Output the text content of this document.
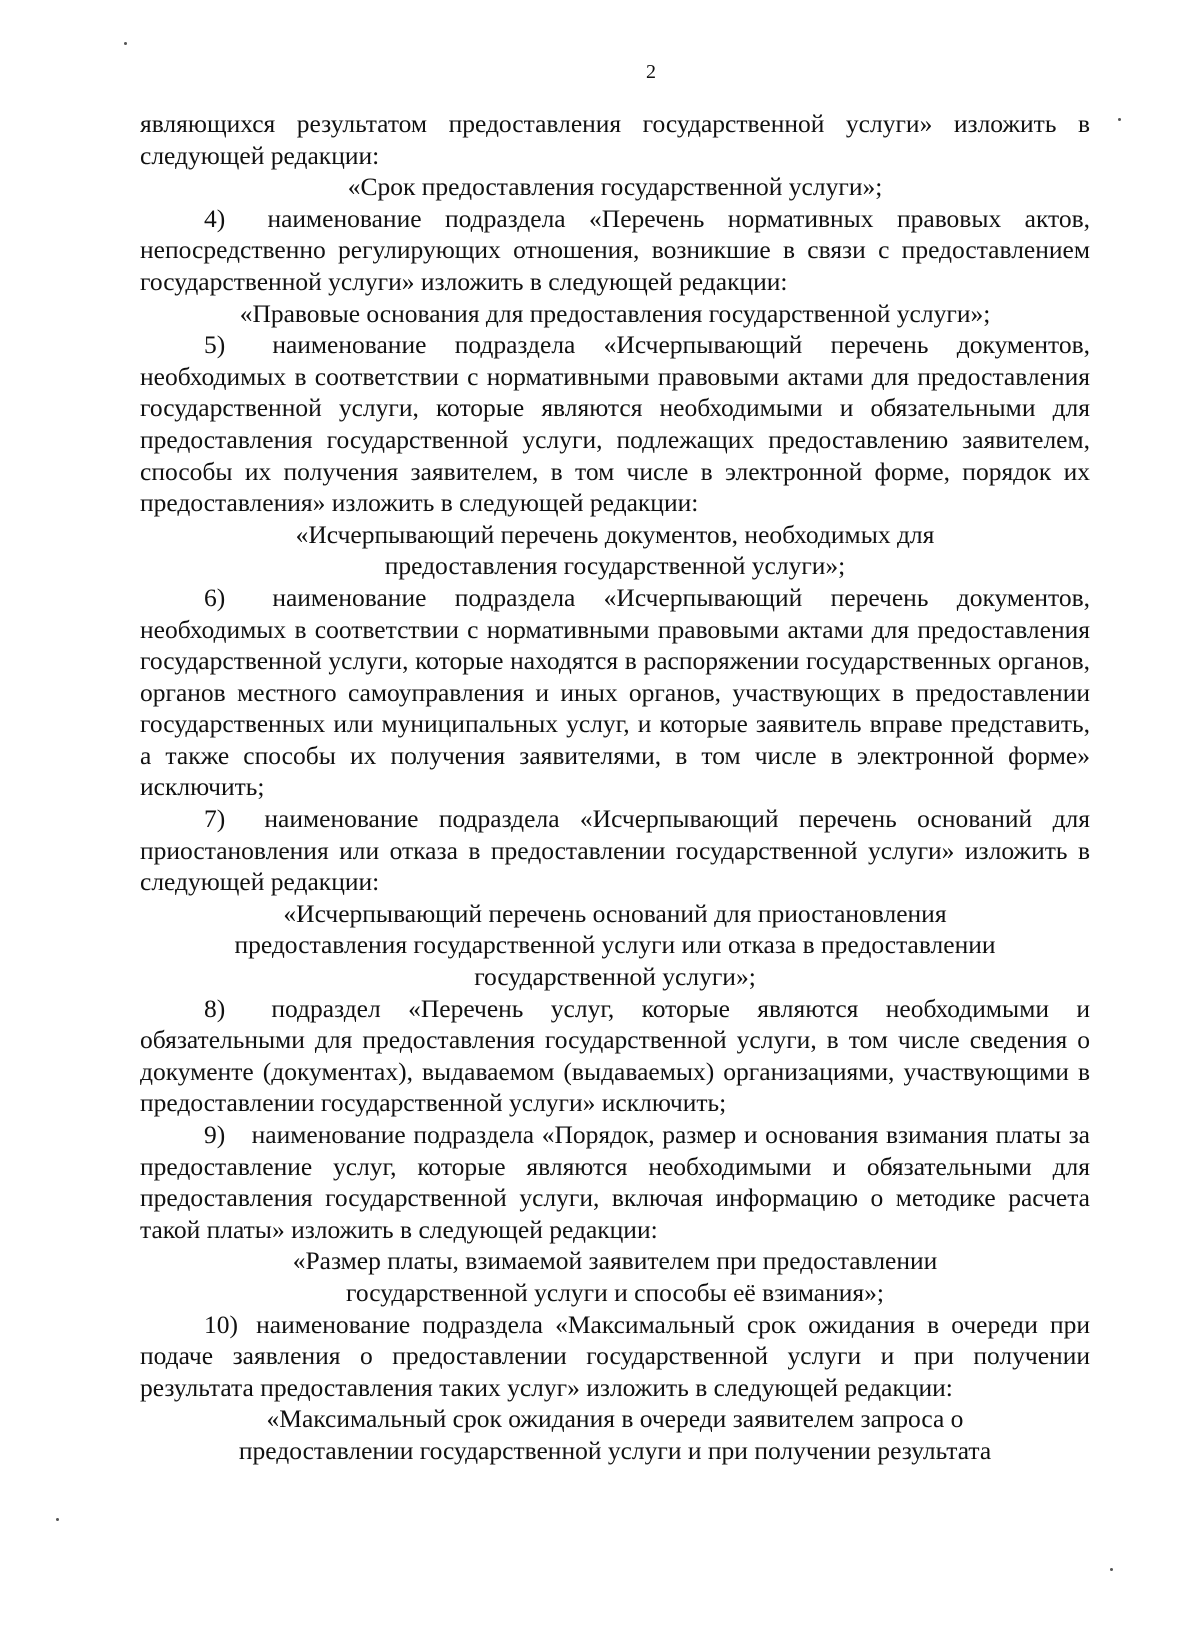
2

являющихся результатом предоставления государственной услуги» изложить в следующей редакции:

«Срок предоставления государственной услуги»;

4) наименование подраздела «Перечень нормативных правовых актов, непосредственно регулирующих отношения, возникшие в связи с предоставлением государственной услуги» изложить в следующей редакции:

«Правовые основания для предоставления государственной услуги»;

5) наименование подраздела «Исчерпывающий перечень документов, необходимых в соответствии с нормативными правовыми актами для предоставления государственной услуги, которые являются необходимыми и обязательными для предоставления государственной услуги, подлежащих предоставлению заявителем, способы их получения заявителем, в том числе в электронной форме, порядок их предоставления» изложить в следующей редакции:

«Исчерпывающий перечень документов, необходимых для
предоставления государственной услуги»;

6) наименование подраздела «Исчерпывающий перечень документов, необходимых в соответствии с нормативными правовыми актами для предоставления государственной услуги, которые находятся в распоряжении государственных органов, органов местного самоуправления и иных органов, участвующих в предоставлении государственных или муниципальных услуг, и которые заявитель вправе представить, а также способы их получения заявителями, в том числе в электронной форме» исключить;

7) наименование подраздела «Исчерпывающий перечень оснований для приостановления или отказа в предоставлении государственной услуги» изложить в следующей редакции:

«Исчерпывающий перечень оснований для приостановления
предоставления государственной услуги или отказа в предоставлении
государственной услуги»;

8) подраздел «Перечень услуг, которые являются необходимыми и обязательными для предоставления государственной услуги, в том числе сведения о документе (документах), выдаваемом (выдаваемых) организациями, участвующими в предоставлении государственной услуги» исключить;

9) наименование подраздела «Порядок, размер и основания взимания платы за предоставление услуг, которые являются необходимыми и обязательными для предоставления государственной услуги, включая информацию о методике расчета такой платы» изложить в следующей редакции:

«Размер платы, взимаемой заявителем при предоставлении
государственной услуги и способы её взимания»;

10) наименование подраздела «Максимальный срок ожидания в очереди при подаче заявления о предоставлении государственной услуги и при получении результата предоставления таких услуг» изложить в следующей редакции:

«Максимальный срок ожидания в очереди заявителем запроса о
предоставлении государственной услуги и при получении результата
